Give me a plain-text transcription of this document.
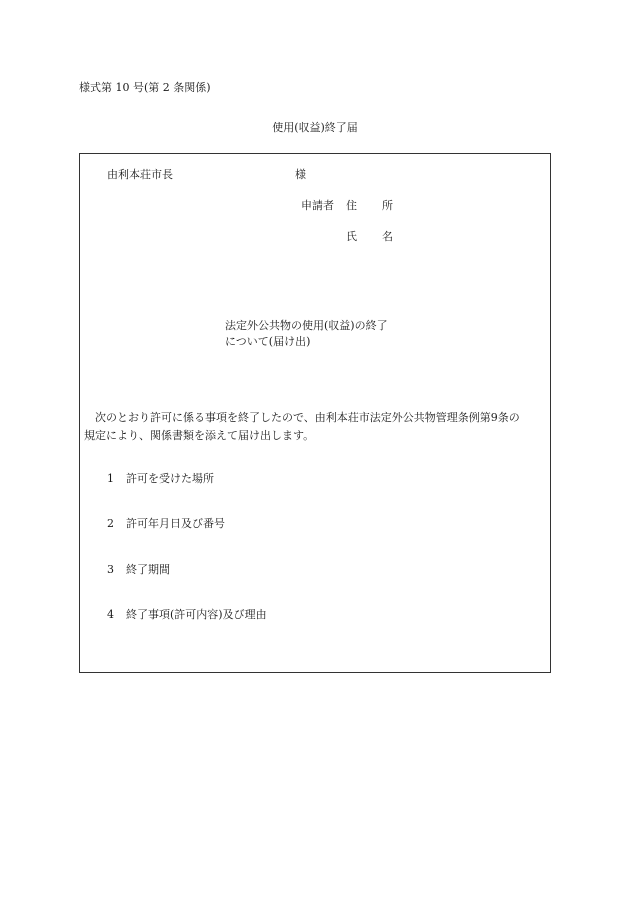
様式第 10 号(第 2 条関係)
使用(収益)終了届
由利本荘市長	様
申請者 住 所
氏 名
法定外公共物の使用(収益)の終了
について(届け出)
次のとおり許可に係る事項を終了したので、由利本荘市法定外公共物管理条例第9条の
規定により、関係書類を添えて届け出します。
1 許可を受けた場所
2 許可年月日及び番号
3 終了期間
4 終了事項(許可内容)及び理由
